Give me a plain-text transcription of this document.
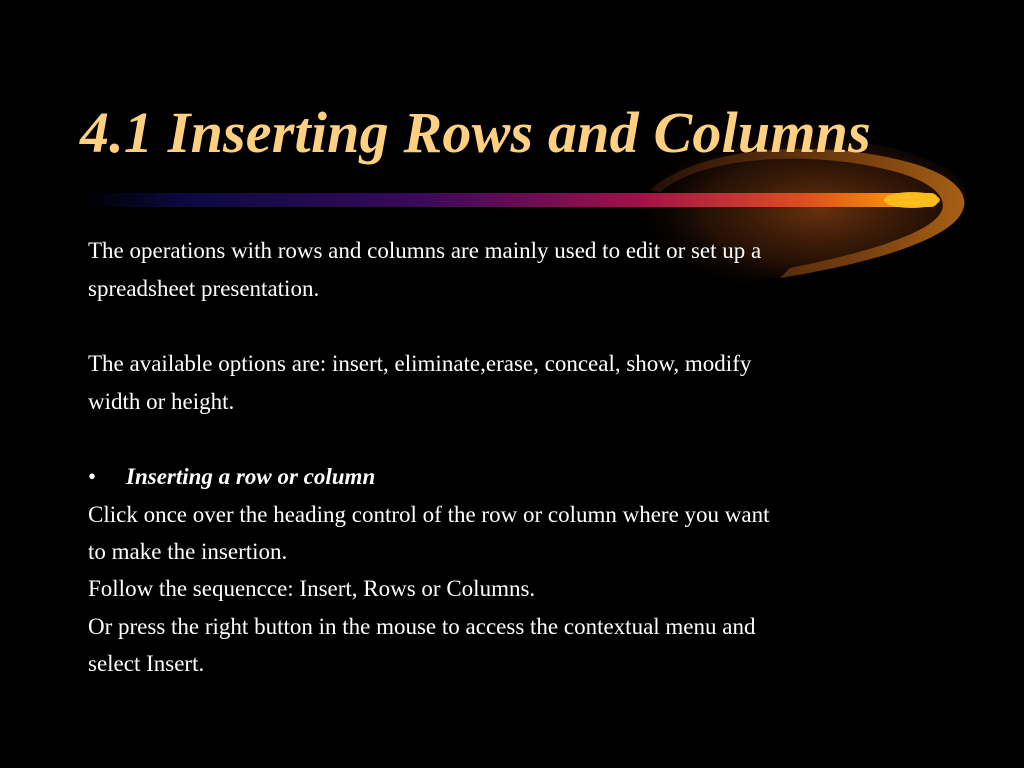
4.1 Inserting Rows and Columns

The operations with rows and columns are mainly used to edit or set up a

spreadsheet presentation.

The available options are: insert, eliminate,erase, conceal, show, modify

width or height.

• Inserting a row or column

Click once over the heading control of the row or column where you want

to make the insertion.

Follow the sequencce: Insert, Rows or Columns.

Or press the right button in the mouse to access the contextual menu and

select Insert.
